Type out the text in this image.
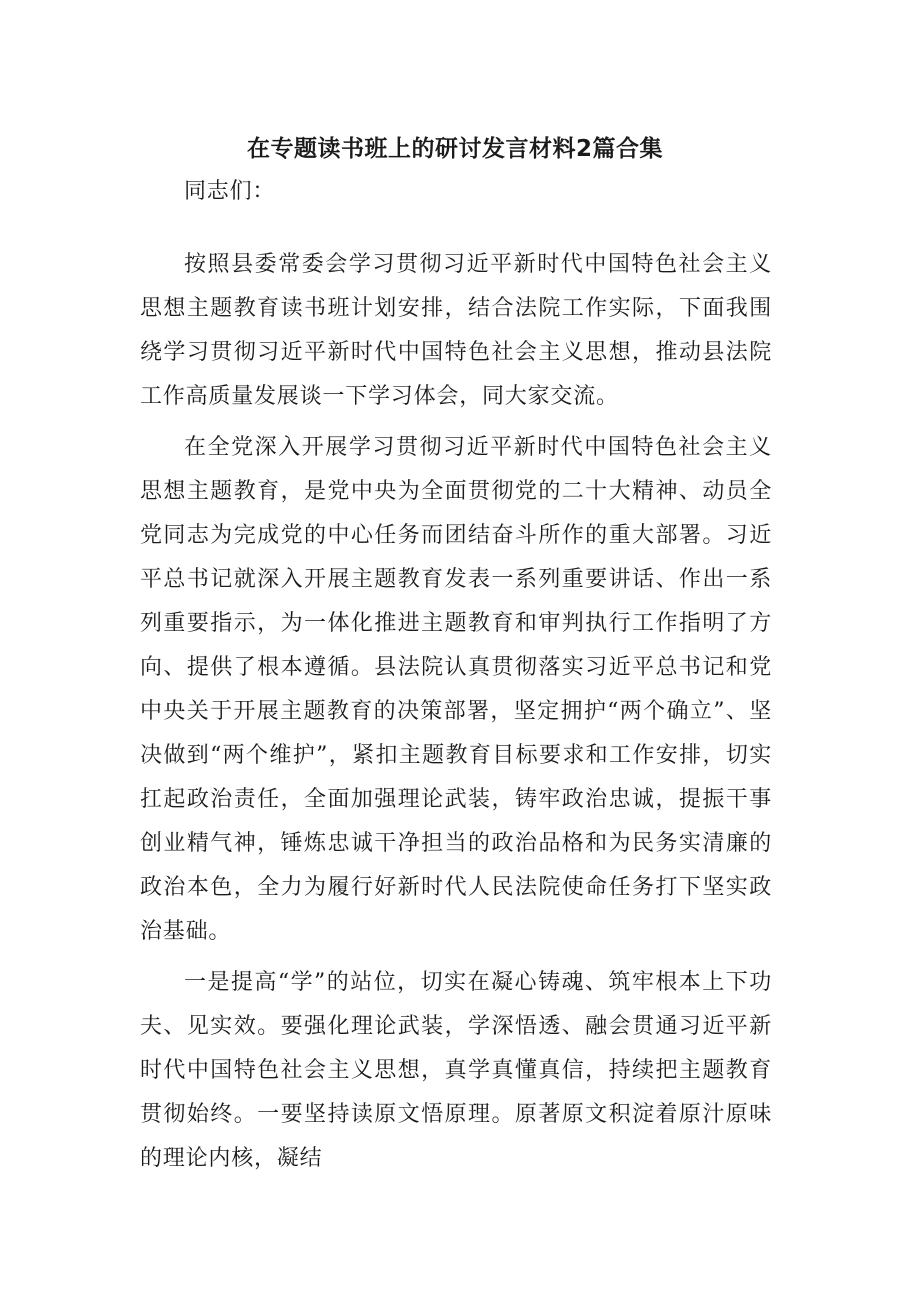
在专题读书班上的研讨发言材料2篇合集

同志们：

按照县委常委会学习贯彻习近平新时代中国特色社会主义思想主题教育读书班计划安排，结合法院工作实际，下面我围绕学习贯彻习近平新时代中国特色社会主义思想，推动县法院工作高质量发展谈一下学习体会，同大家交流。

在全党深入开展学习贯彻习近平新时代中国特色社会主义思想主题教育，是党中央为全面贯彻党的二十大精神、动员全党同志为完成党的中心任务而团结奋斗所作的重大部署。习近平总书记就深入开展主题教育发表一系列重要讲话、作出一系列重要指示，为一体化推进主题教育和审判执行工作指明了方向、提供了根本遵循。县法院认真贯彻落实习近平总书记和党中央关于开展主题教育的决策部署，坚定拥护“两个确立”、坚决做到“两个维护”，紧扣主题教育目标要求和工作安排，切实扛起政治责任，全面加强理论武装，铸牢政治忠诚，提振干事创业精气神，锤炼忠诚干净担当的政治品格和为民务实清廉的政治本色，全力为履行好新时代人民法院使命任务打下坚实政治基础。

一是提高“学”的站位，切实在凝心铸魂、筑牢根本上下功夫、见实效。要强化理论武装，学深悟透、融会贯通习近平新时代中国特色社会主义思想，真学真懂真信，持续把主题教育贯彻始终。一要坚持读原文悟原理。原著原文积淀着原汁原味的理论内核，凝结
